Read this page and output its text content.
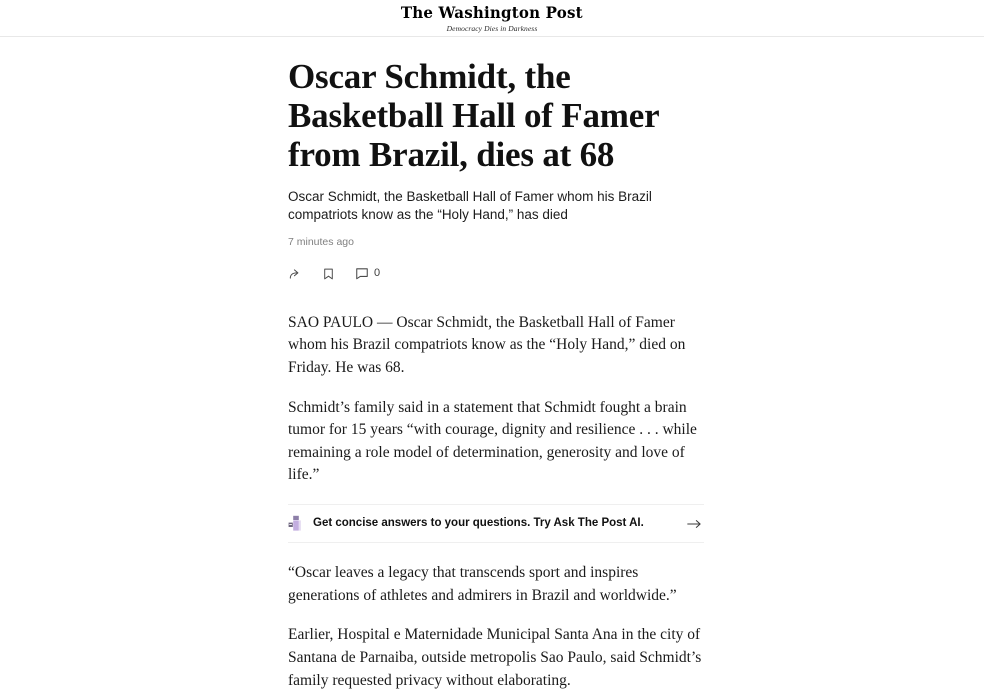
The Washington Post
Democracy Dies in Darkness
Oscar Schmidt, the Basketball Hall of Famer from Brazil, dies at 68
Oscar Schmidt, the Basketball Hall of Famer whom his Brazil compatriots know as the “Holy Hand,” has died
7 minutes ago
0

SAO PAULO — Oscar Schmidt, the Basketball Hall of Famer whom his Brazil compatriots know as the “Holy Hand,” died on Friday. He was 68.

Schmidt’s family said in a statement that Schmidt fought a brain tumor for 15 years “with courage, dignity and resilience . . . while remaining a role model of determination, generosity and love of life.”

Get concise answers to your questions. Try Ask The Post AI.

“Oscar leaves a legacy that transcends sport and inspires generations of athletes and admirers in Brazil and worldwide.”

Earlier, Hospital e Maternidade Municipal Santa Ana in the city of Santana de Parnaiba, outside metropolis Sao Paulo, said Schmidt’s family requested privacy without elaborating.
